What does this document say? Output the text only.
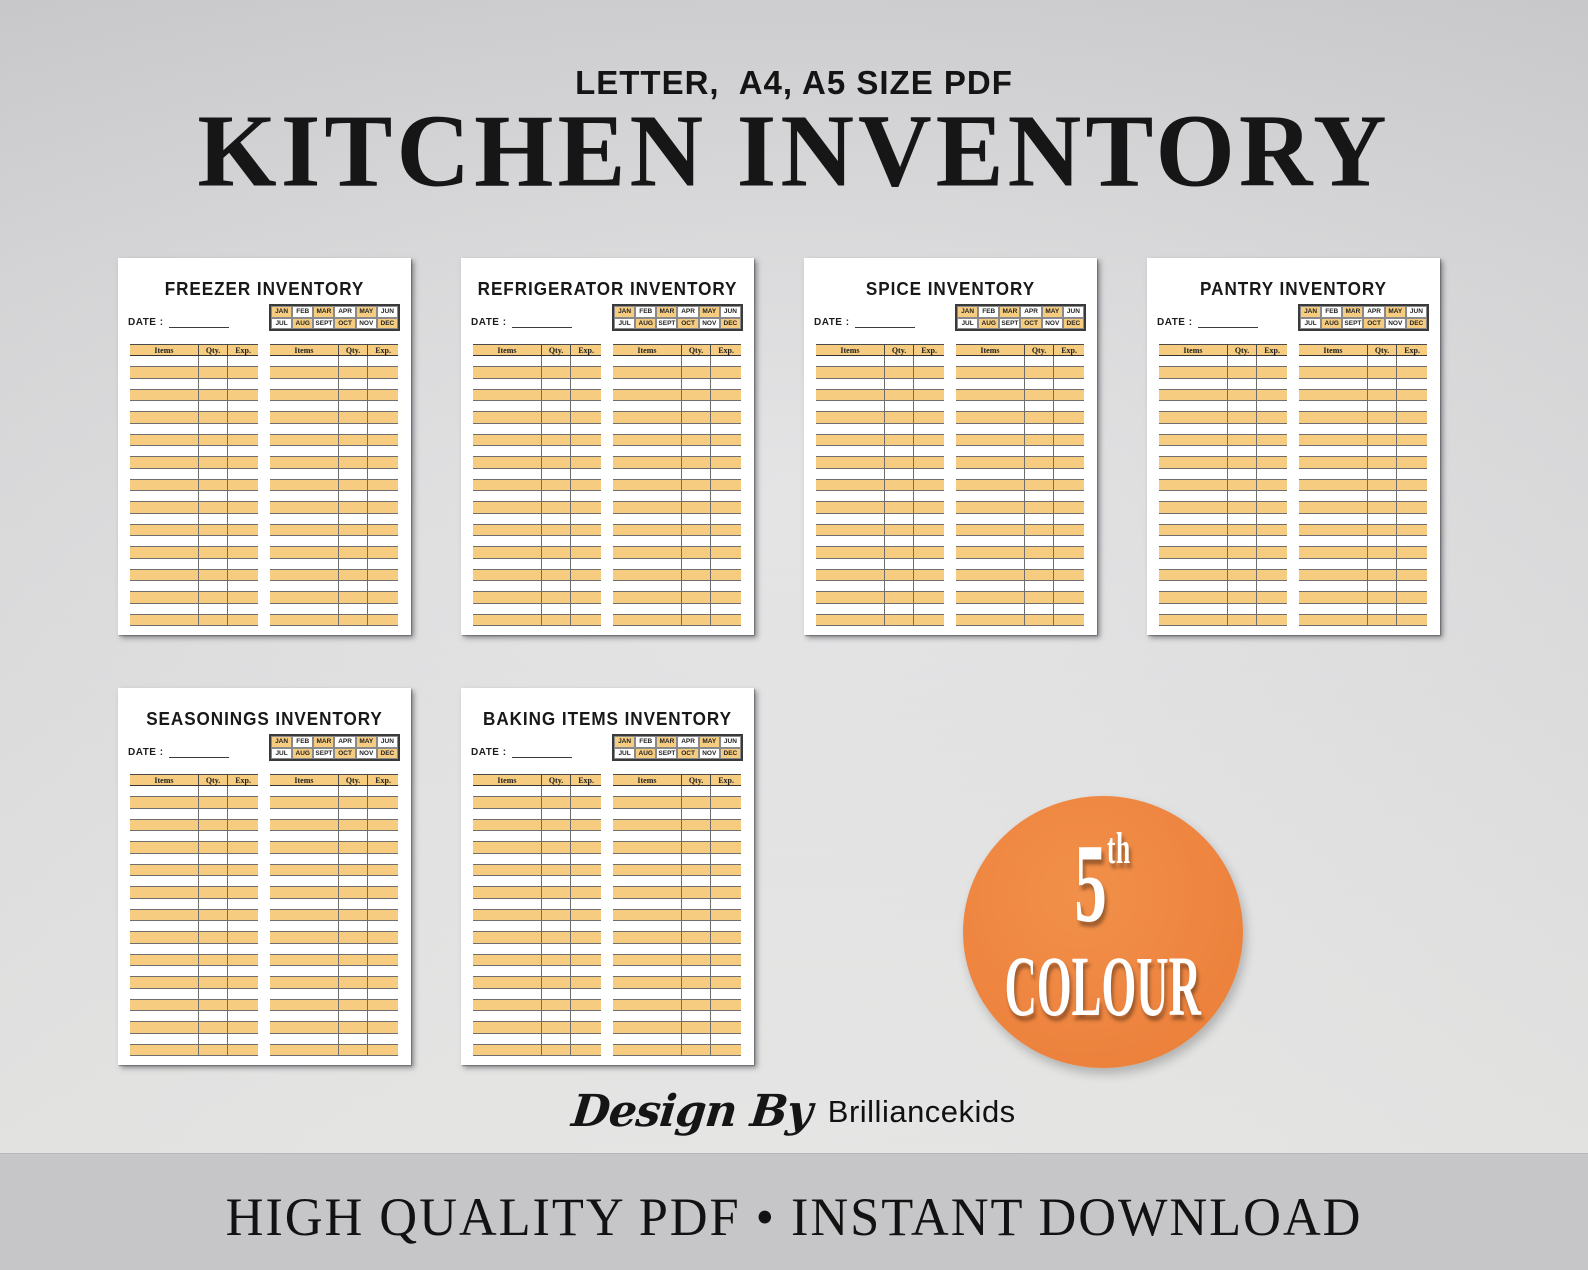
LETTER,  A4, A5 SIZE PDF
KITCHEN INVENTORY
FREEZER INVENTORY
JAN	FEB	MAR	APR	MAY	JUN
JUL	AUG SEPT OCT	NOV	DEC
DATE :
Items	Qty.	Exp.	Items	Qty.	Exp.
REFRIGERATOR INVENTORY
JAN	FEB	MAR	APR	MAY	JUN
JUL	AUG SEPT OCT	NOV	DEC
DATE :
Items	Qty.	Exp.	Items	Qty.	Exp.
SPICE INVENTORY
JAN	FEB	MAR	APR	MAY	JUN
JUL	AUG SEPT OCT	NOV	DEC
DATE :
Items	Qty.	Exp.	Items	Qty.	Exp.
PANTRY INVENTORY
JAN	FEB	MAR	APR	MAY	JUN
JUL	AUG SEPT OCT	NOV	DEC
DATE :
Items	Qty.	Exp.	Items	Qty.	Exp.
SEASONINGS INVENTORY
JAN	FEB	MAR	APR	MAY	JUN
JUL	AUG SEPT OCT	NOV	DEC
DATE :
Items	Qty.	Exp.	Items	Qty.	Exp.
BAKING ITEMS INVENTORY
JAN	FEB	MAR	APR	MAY	JUN
JUL	AUG SEPT OCT	NOV	DEC
DATE :
Items	Qty.	Exp.	Items	Qty.	Exp.
5th
COLOUR
Design By Brilliancekids
HIGH QUALITY PDF • INSTANT DOWNLOAD
